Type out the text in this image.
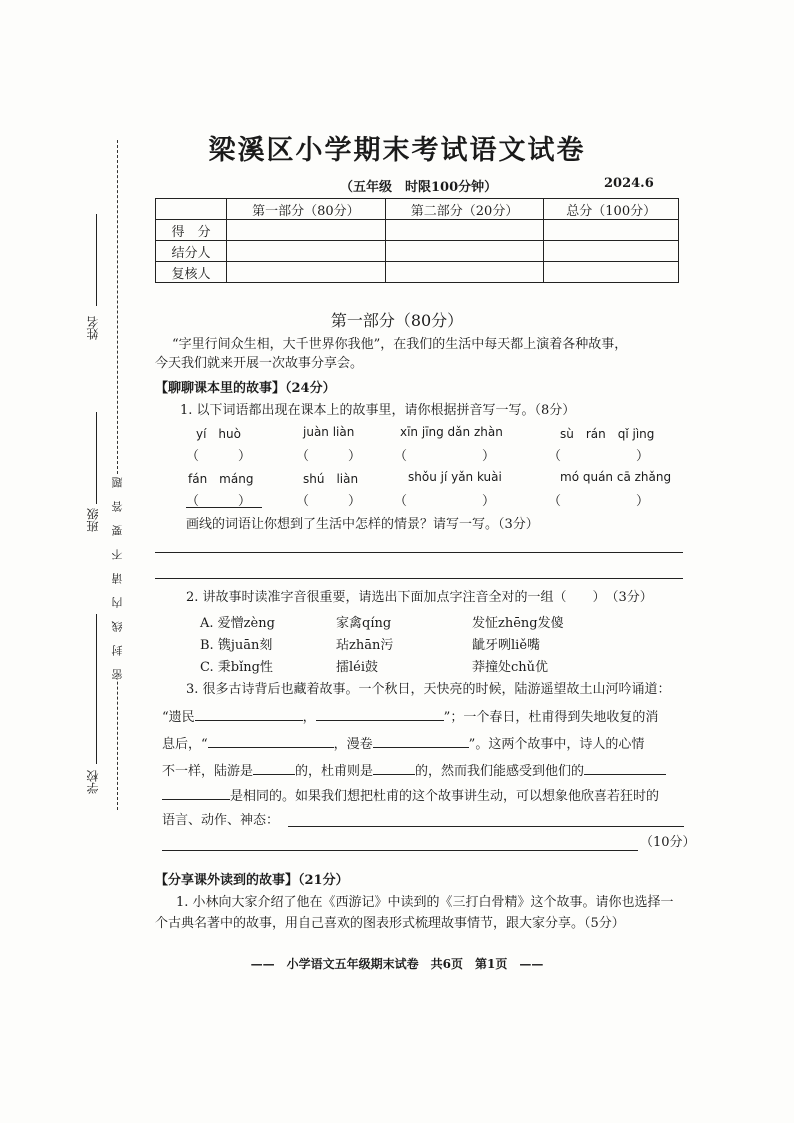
姓名
班级 密　封　线　内　请　不　要　答　题
学校
梁溪区小学期末考试语文试卷
（五年级　时限100分钟）	2024.6
	第一部分（80分）	第二部分（20分）	总分（100分）
得　分			
结分人			
复核人			
第一部分（80分）
“字里行间众生相，大千世界你我他”，在我们的生活中每天都上演着各种故事，
今天我们就来开展一次故事分享会。
【聊聊课本里的故事】（24分）
1. 以下词语都出现在课本上的故事里，请你根据拼音写一写。（8分）
yí　huò	juàn liàn	xīn jīng dǎn zhàn	sù　rán　qǐ jìng
（　　　）	（　　　）	（　　　）	（　　　）
fán　máng	shú　liàn	shǒu jí yǎn kuài	mó quán cā zhǎng
（　　　）	（　　　）	（　　　）	（　　　）
画线的词语让你想到了生活中怎样的情景？请写一写。（3分）
2. 讲故事时读准字音很重要，请选出下面加点字注音全对的一组（　　）　（3分）
A. 爱憎zèng	家禽qíng	发怔zhēng发傻
B. 镌juān刻	玷zhān污	龇牙咧liě嘴
C. 秉bǐng性	擂léi鼓	莽撞处chǔ优
3. 很多古诗背后也藏着故事。一个秋日，天快亮的时候，陆游遥望故土山河吟诵道：
“遗民	，	”；一个春日，杜甫得到失地收复的消
息后，“	，漫卷	”。这两个故事中，诗人的心情
不一样，陆游是	的，杜甫则是	的，然而我们能感受到他们的
是相同的。如果我们想把杜甫的这个故事讲生动，可以想象他欣喜若狂时的
语言、动作、神态：
（10分）
【分享课外读到的故事】（21分）
1. 小林向大家介绍了他在《西游记》中读到的《三打白骨精》这个故事。请你也选择一
个古典名著中的故事，用自己喜欢的图表形式梳理故事情节，跟大家分享。（5分）
——　小学语文五年级期末试卷　共6页　第1页　——
